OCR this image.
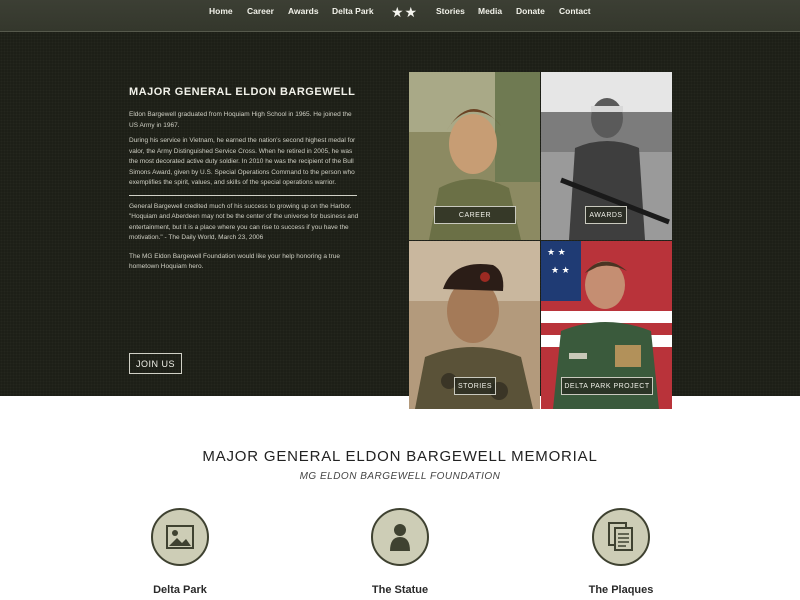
Home Career Awards Delta Park ★★ Stories Media Donate Contact
MAJOR GENERAL ELDON BARGEWELL

Eldon Bargewell graduated from Hoquiam High School in 1965. He joined the US Army in 1967.

During his service in Vietnam, he earned the nation's second highest medal for valor, the Army Distinguished Service Cross. When he retired in 2005, he was the most decorated active duty soldier. In 2010 he was the recipient of the Bull Simons Award, given by U.S. Special Operations Command to the person who exemplifies the spirit, values, and skills of the special operations warrior.

General Bargewell credited much of his success to growing up on the Harbor. "Hoquiam and Aberdeen may not be the center of the universe for business and entertainment, but it is a place where you can rise to success if you have the motivation." - The Daily World, March 23, 2006

The MG Eldon Bargewell Foundation would like your help honoring a true hometown Hoquiam hero.

JOIN US
CAREER	AWARDS
STORIES
★ ★
★ ★
DELTA PARK PROJECT
MAJOR GENERAL ELDON BARGEWELL MEMORIAL
MG ELDON BARGEWELL FOUNDATION
Delta Park	The Statue	The Plaques
